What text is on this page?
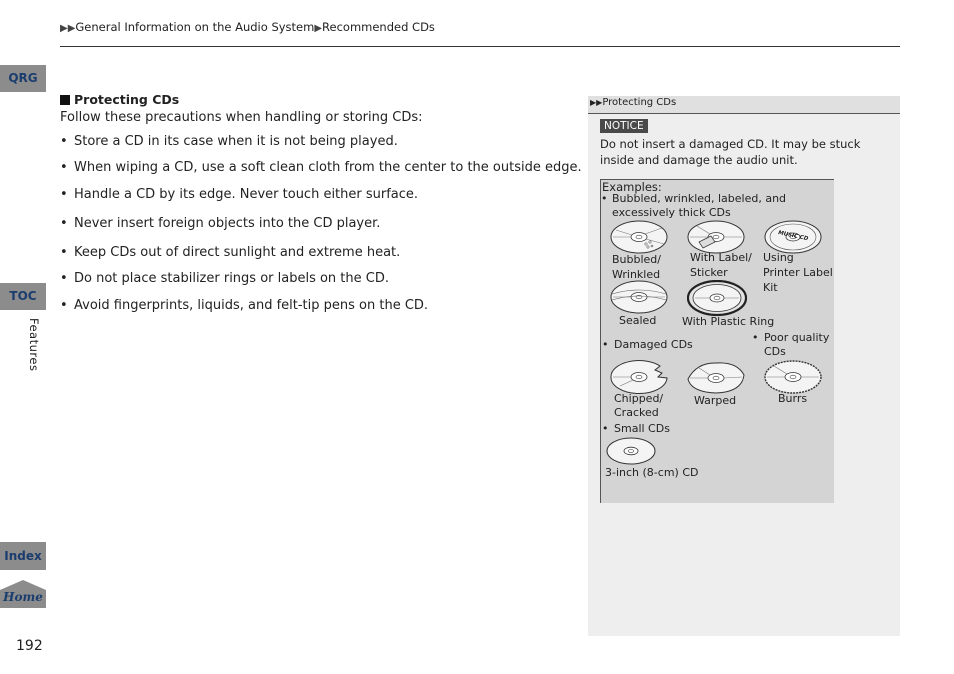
▶▶General Information on the Audio System▶Recommended CDs
QRG
TOC
Features
Index
Home
192
Protecting CDs
Follow these precautions when handling or storing CDs:
• Store a CD in its case when it is not being played.
• When wiping a CD, use a soft clean cloth from the center to the outside edge.
• Handle a CD by its edge. Never touch either surface.
• Never insert foreign objects into the CD player.
• Keep CDs out of direct sunlight and extreme heat.
• Do not place stabilizer rings or labels on the CD.
• Avoid fingerprints, liquids, and felt-tip pens on the CD.
▶▶Protecting CDs
NOTICE
Do not insert a damaged CD. It may be stuck inside and damage the audio unit.
Examples:
• Bubbled, wrinkled, labeled, and
excessively thick CDs
Bubbled/
Wrinkled
With Label/
Sticker
MUSIC CD
Using
Printer Label
Kit
Sealed With Plastic Ring
• Damaged CDs
• Poor quality
CDs
Chipped/
Cracked
Warped	Burrs
• Small CDs
3-inch (8-cm) CD
